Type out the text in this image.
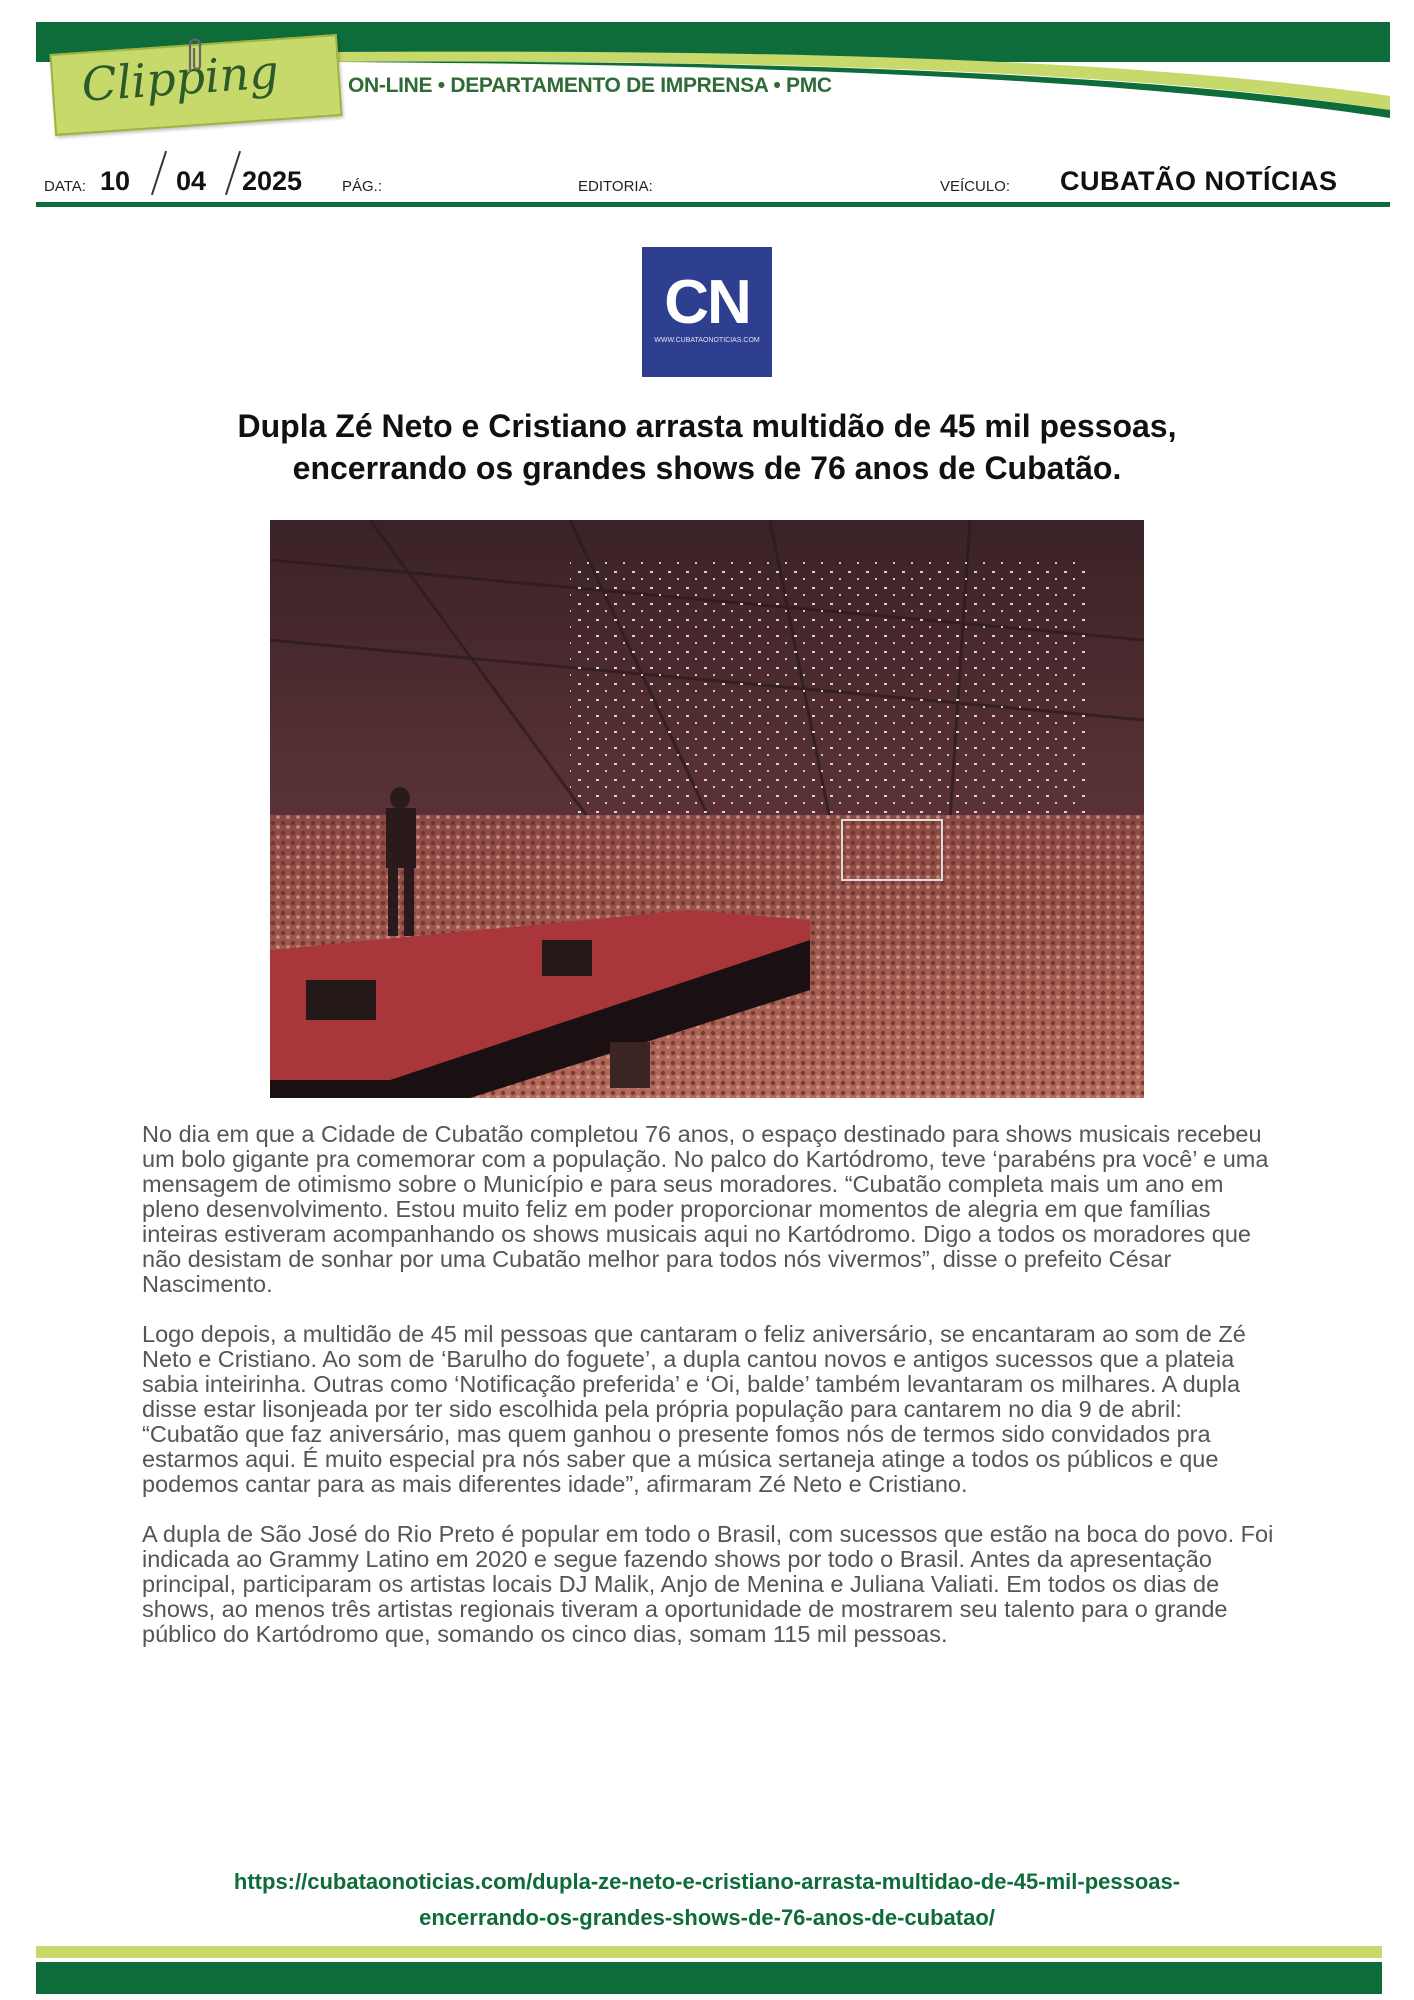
Clipping	ON-LINE • DEPARTAMENTO DE IMPRENSA • PMC
DATA: 10 04 2025	PÁG.:	EDITORIA:	VEÍCULO: CUBATÃO NOTÍCIAS
CN
WWW.CUBATAONOTICIAS.COM
Dupla Zé Neto e Cristiano arrasta multidão de 45 mil pessoas,
encerrando os grandes shows de 76 anos de Cubatão.

No dia em que a Cidade de Cubatão completou 76 anos, o espaço destinado para shows musicais recebeu um bolo gigante pra comemorar com a população. No palco do Kartódromo, teve ‘parabéns pra você’ e uma mensagem de otimismo sobre o Município e para seus moradores. “Cubatão completa mais um ano em pleno desenvolvimento. Estou muito feliz em poder proporcionar momentos de alegria em que famílias inteiras estiveram acompanhando os shows musicais aqui no Kartódromo. Digo a todos os moradores que não desistam de sonhar por uma Cubatão melhor para todos nós vivermos”, disse o prefeito César Nascimento.

Logo depois, a multidão de 45 mil pessoas que cantaram o feliz aniversário, se encantaram ao som de Zé Neto e Cristiano. Ao som de ‘Barulho do foguete’, a dupla cantou novos e antigos sucessos que a plateia sabia inteirinha. Outras como ‘Notificação preferida’ e ‘Oi, balde’ também levantaram os milhares. A dupla disse estar lisonjeada por ter sido escolhida pela própria população para cantarem no dia 9 de abril: “Cubatão que faz aniversário, mas quem ganhou o presente fomos nós de termos sido convidados pra estarmos aqui. É muito especial pra nós saber que a música sertaneja atinge a todos os públicos e que podemos cantar para as mais diferentes idade”, afirmaram Zé Neto e Cristiano.

A dupla de São José do Rio Preto é popular em todo o Brasil, com sucessos que estão na boca do povo. Foi indicada ao Grammy Latino em 2020 e segue fazendo shows por todo o Brasil. Antes da apresentação principal, participaram os artistas locais DJ Malik, Anjo de Menina e Juliana Valiati. Em todos os dias de shows, ao menos três artistas regionais tiveram a oportunidade de mostrarem seu talento para o grande público do Kartódromo que, somando os cinco dias, somam 115 mil pessoas.

https://cubataonoticias.com/dupla-ze-neto-e-cristiano-arrasta-multidao-de-45-mil-pessoas-
encerrando-os-grandes-shows-de-76-anos-de-cubatao/
